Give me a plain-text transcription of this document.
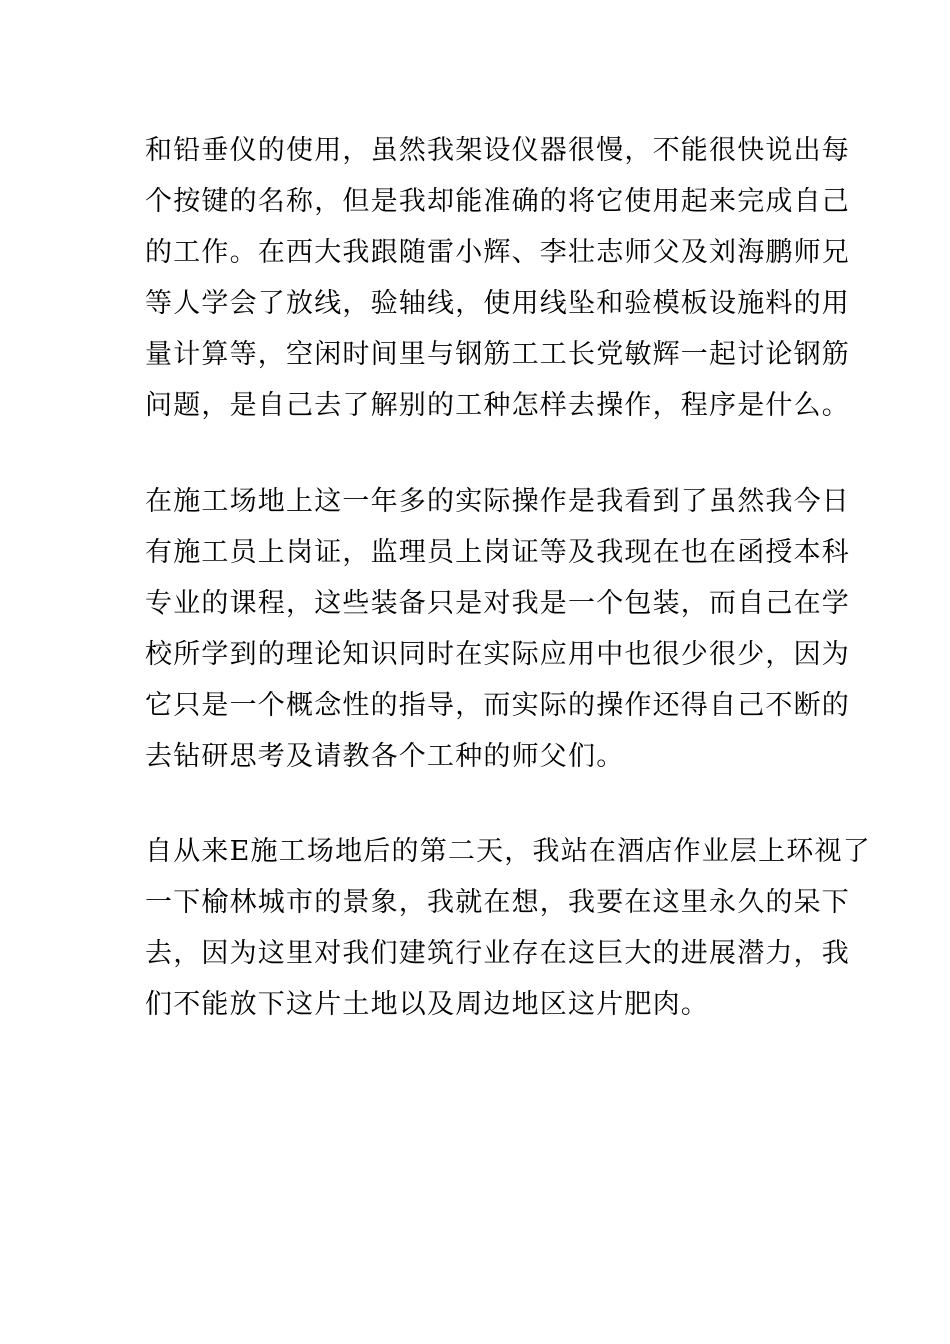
和铅垂仪的使用，虽然我架设仪器很慢，不能很快说出每
个按键的名称，但是我却能准确的将它使用起来完成自己
的工作。在西大我跟随雷小辉、李壮志师父及刘海鹏师兄
等人学会了放线，验轴线，使用线坠和验模板设施料的用
量计算等，空闲时间里与钢筋工工长党敏辉一起讨论钢筋
问题，是自己去了解别的工种怎样去操作，程序是什么。
在施工场地上这一年多的实际操作是我看到了虽然我今日
有施工员上岗证，监理员上岗证等及我现在也在函授本科
专业的课程，这些装备只是对我是一个包装，而自己在学
校所学到的理论知识同时在实际应用中也很少很少，因为
它只是一个概念性的指导，而实际的操作还得自己不断的
去钻研思考及请教各个工种的师父们。
自从来E施工场地后的第二天，我站在酒店作业层上环视了
一下榆林城市的景象，我就在想，我要在这里永久的呆下
去，因为这里对我们建筑行业存在这巨大的进展潜力，我
们不能放下这片土地以及周边地区这片肥肉。
